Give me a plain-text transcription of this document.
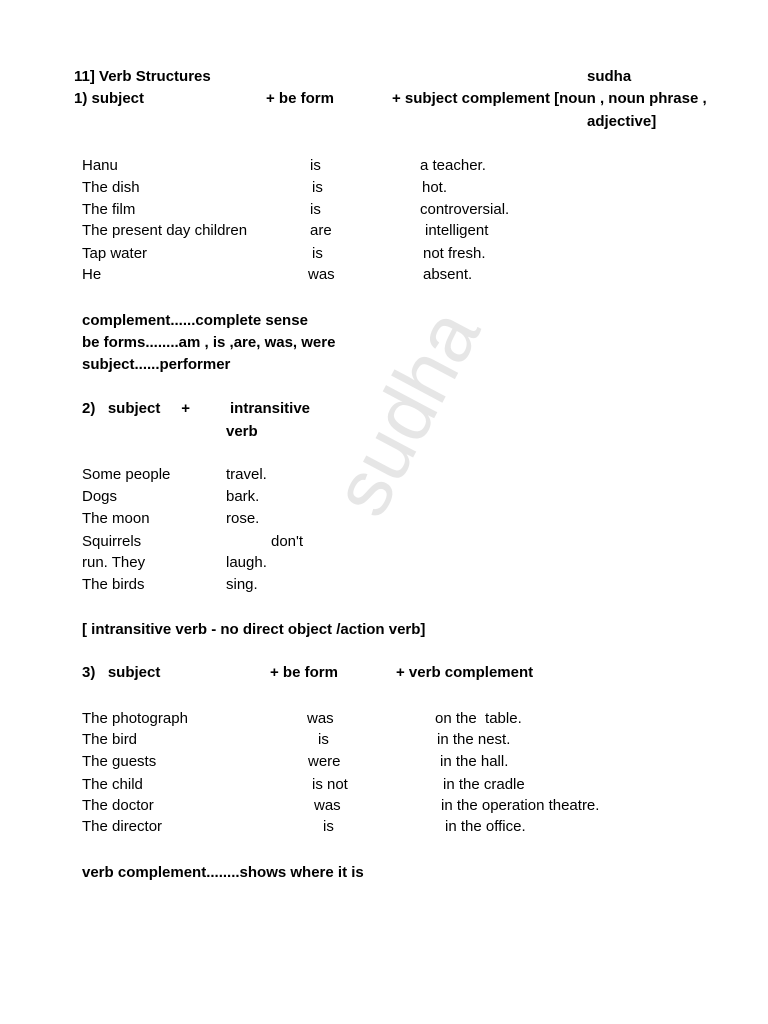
sudha
11] Verb Structures	sudha
1) subject	+ be form	+ subject complement [noun , noun phrase ,
adjective]
Hanu	is	a teacher.
The dish	is	hot.
The film	is	controversial.
The present day children	are	intelligent
Tap water	is	not fresh.
He	was	absent.
complement......complete sense
be forms........am , is ,are, was, were
subject......performer
2)   subject     +	intransitive
verb
Some people	travel.
Dogs	bark.
The moon	rose.
Squirrels	don't
run. They	laugh.
The birds	sing.
[ intransitive verb - no direct object /action verb]
3)   subject	+ be form	+ verb complement
The photograph	was	on the  table.
The bird	is	in the nest.
The guests	were	in the hall.
The child	is not	in the cradle
The doctor	was	in the operation theatre.
The director	is	in the office.
verb complement........shows where it is
